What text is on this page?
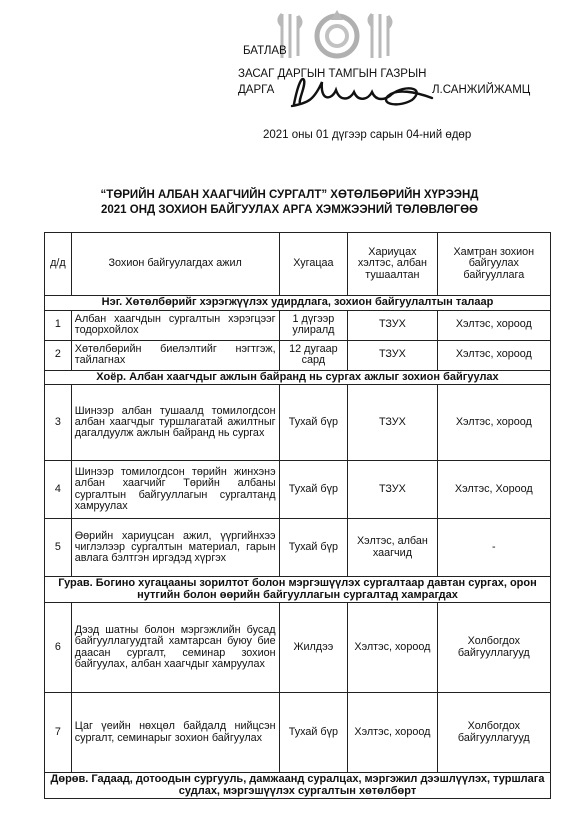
БАТЛАВ
ЗАСАГ ДАРГЫН ТАМГЫН ГАЗРЫН
ДАРГА	Л.САНЖИЙЖАМЦ
2021 оны 01 дүгээр сарын 04-ний өдөр
“ТӨРИЙН АЛБАН ХААГЧИЙН СУРГАЛТ” ХӨТӨЛБӨРИЙН ХҮРЭЭНД
2021 ОНД ЗОХИОН БАЙГУУЛАХ АРГА ХЭМЖЭЭНИЙ ТӨЛӨВЛӨГӨӨ
д/д	Зохион байгуулагдах ажил	Хугацаа	Хариуцах хэлтэс, албан тушаалтан	Хамтран зохион байгуулах байгууллага
Нэг. Хөтөлбөрийг хэрэгжүүлэх удирдлага, зохион байгуулалтын талаар				
1	Албан хаагчдын сургалтын хэрэгцээг тодорхойлох	1 дүгээр улиралд	ТЗУХ	Хэлтэс, хороод
2	Хөтөлбөрийн биелэлтийг нэгтгэж, тайлагнах	12 дугаар сард	ТЗУХ	Хэлтэс, хороод
Хоёр. Албан хаагчдыг ажлын байранд нь сургах ажлыг зохион байгуулах				
3	Шинээр албан тушаалд томилогдсон албан хаагчдыг туршлагатай ажилтныг дагалдуулж ажлын байранд нь сургах	Тухай бүр	ТЗУХ	Хэлтэс, хороод
4	Шинээр томилогдсон төрийн жинхэнэ албан хаагчийг Төрийн албаны сургалтын байгууллагын сургалтанд хамруулах	Тухай бүр	ТЗУХ	Хэлтэс, Хороод
5	Өөрийн хариуцсан ажил, үүргийнхээ чиглэлээр сургалтын материал, гарын авлага бэлтгэн иргэдэд хүргэх	Тухай бүр	Хэлтэс, албан хаагчид	-
Гурав. Богино хугацааны зорилтот болон мэргэшүүлэх сургалтаар давтан сургах, орон нутгийн болон өөрийн байгууллагын сургалтад хамрагдах				
6	Дээд шатны болон мэргэжлийн бусад байгууллагуудтай хамтарсан буюу бие даасан сургалт, семинар зохион байгуулах, албан хаагчдыг хамруулах	Жилдээ	Хэлтэс, хороод	Холбогдох байгууллагууд
7	Цаг үеийн нөхцөл байдалд нийцсэн сургалт, семинарыг зохион байгуулах	Тухай бүр	Хэлтэс, хороод	Холбогдох байгууллагууд
Дөрөв. Гадаад, дотоодын сургууль, дамжаанд суралцах, мэргэжил дээшлүүлэх, туршлага судлах, мэргэшүүлэх сургалтын хөтөлбөрт				
